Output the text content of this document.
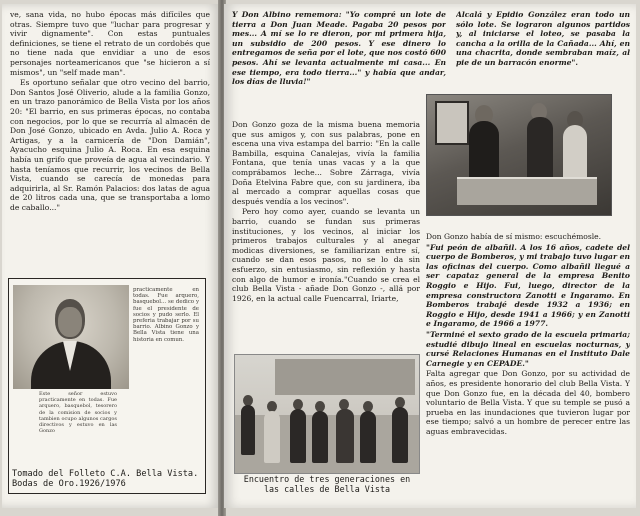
ve, sana vida, no hubo épocas más difíciles que otras. Siempre tuvo que "luchar para progresar y vivir dignamente". Con estas puntuales definiciones, se tiene el retrato de un cordobés que no tiene nada que envidiar a uno de esos personajes norteamericanos que "se hicieron a sí mismos", un "self made man".

Es oportuno señalar que otro vecino del barrio, Don Santos José Oliverio, alude a la familia Gonzo, en un trazo panorámico de Bella Vista por los años 20: "El barrio, en sus primeras épocas, no contaba con negocios, por lo que se recurría al almacén de Don José Gonzo, ubicado en Avda. Julio A. Roca y Artigas, y a la carnicería de "Don Damián", Ayacucho esquina Julio A. Roca. En esa esquina había un grifo que proveía de agua al vecindario. Y hasta teníamos que recurrir, los vecinos de Bella Vista, cuando se carecía de monedas para adquirirla, al Sr. Ramón Palacios: dos latas de agua de 20 litros cada una, que se transportaba a lomo de caballo..."

practicamente en todas. Fue arquero, basquebol... se dedico y fue el presidente de socios y pudo serlo. El preferia trabajar por su barrio. Albino Gonzo y Bella Vista tiene una historia en comun.
Este señor estuvo practicamente en todas. Fue arquero, basquebol, tesorero de la comision de socios y tambien ocupo algunos cargos directivos y estuvo en las Gonzo
Tomado del Folleto C.A. Bella Vista. Bodas de Oro.1926/1976

Y Don Albino rememora: "Yo compré un lote de tierra a Don Juan Meade. Pagaba 20 pesos por mes... A mí se lo re dieron, por mi primera hija, un subsidio de 200 pesos. Y ese dinero lo entregamos de seña por el lote, que nos costó 600 pesos. Ahí se levanta actualmente mi casa... En ese tiempo, era todo tierra..." y había que andar, los días de lluvia!"

Alcalá y Epidio González eran todo un sólo lote. Se lograron algunos partidos y, al iniciarse el loteo, se pasaba la cancha a la orilla de la Cañada... Ahí, en una chacrita, donde sembraban maíz, al pie de un barracón enorme".

Don Gonzo goza de la misma buena memoria que sus amigos y, con sus palabras, pone en escena una viva estampa del barrio: "En la calle Bambilla, esquina Canalejas, vivía la familia Fontana, que tenía unas vacas y a la que comprábamos leche... Sobre Zárraga, vivía Doña Etelvina Fabre que, con su jardinera, iba al mercado a comprar aquellas cosas que después vendía a los vecinos".

Pero hoy como ayer, cuando se levanta un barrio, cuando se fundan sus primeras instituciones, y los vecinos, al iniciar los primeros trabajos culturales y al anegar modicas diversiones, se familiarizan entre sí, cuando se dan esos pasos, no se lo da sin esfuerzo, sin entusiasmo, sin reflexión y hasta con algo de humor e ironía."Cuando se crea el club Bella Vista - añade Don Gonzo -, allá por 1926, en la actual calle Fuencarral, Iriarte,

Don Gonzo había de sí mismo: escuchémosle.

"Fui peón de albañil. A los 16 años, cadete del cuerpo de Bomberos, y mi trabajo tuvo lugar en las oficinas del cuerpo. Como albañil llegué a ser capataz general de la empresa Benito Roggio e Hijo. Fui, luego, director de la empresa constructora Zanotti e Ingaramo. En Bomberos trabajé desde 1932 a 1936; en Roggio e Hijo, desde 1941 a 1966; y en Zanotti e Ingaramo, de 1966 a 1977.

"Terminé el sexto grado de la escuela primaria; estudié dibujo lineal en escuelas nocturnas, y cursé Relaciones Humanas en el Instituto Dale Carnegie y en CEPADE."

Falta agregar que Don Gonzo, por su actividad de años, es presidente honorario del club Bella Vista. Y que Don Gonzo fue, en la década del 40, bombero voluntario de Bella Vista. Y que su temple se pusó a prueba en las inundaciones que tuvieron lugar por ese tiempo; salvó a un hombre de perecer entre las aguas embravecidas.

Encuentro de tres generaciones en las calles de Bella Vista
